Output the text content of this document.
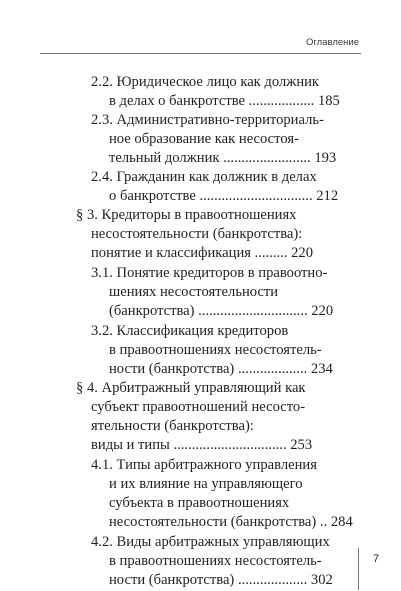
Оглавление
2.2. Юридическое лицо как должник
в делах о банкротстве .................. 185
2.3. Административно-территориаль-
ное образование как несостоя-
тельный должник ........................ 193
2.4. Гражданин как должник в делах
о банкротстве ............................... 212
§ 3. Кредиторы в правоотношениях
несостоятельности (банкротства):
понятие и классификация ......... 220
3.1. Понятие кредиторов в правоотно-
шениях несостоятельности
(банкротства) .............................. 220
3.2. Классификация кредиторов
в правоотношениях несостоятель-
ности (банкротства) ................... 234
§ 4. Арбитражный управляющий как
субъект правоотношений несосто-
ятельности (банкротства):
виды и типы ............................... 253
4.1. Типы арбитражного управления
и их влияние на управляющего
субъекта в правоотношениях
несостоятельности (банкротства) .. 284
4.2. Виды арбитражных управляющих
в правоотношениях несостоятель-
ности (банкротства) ................... 302
7
